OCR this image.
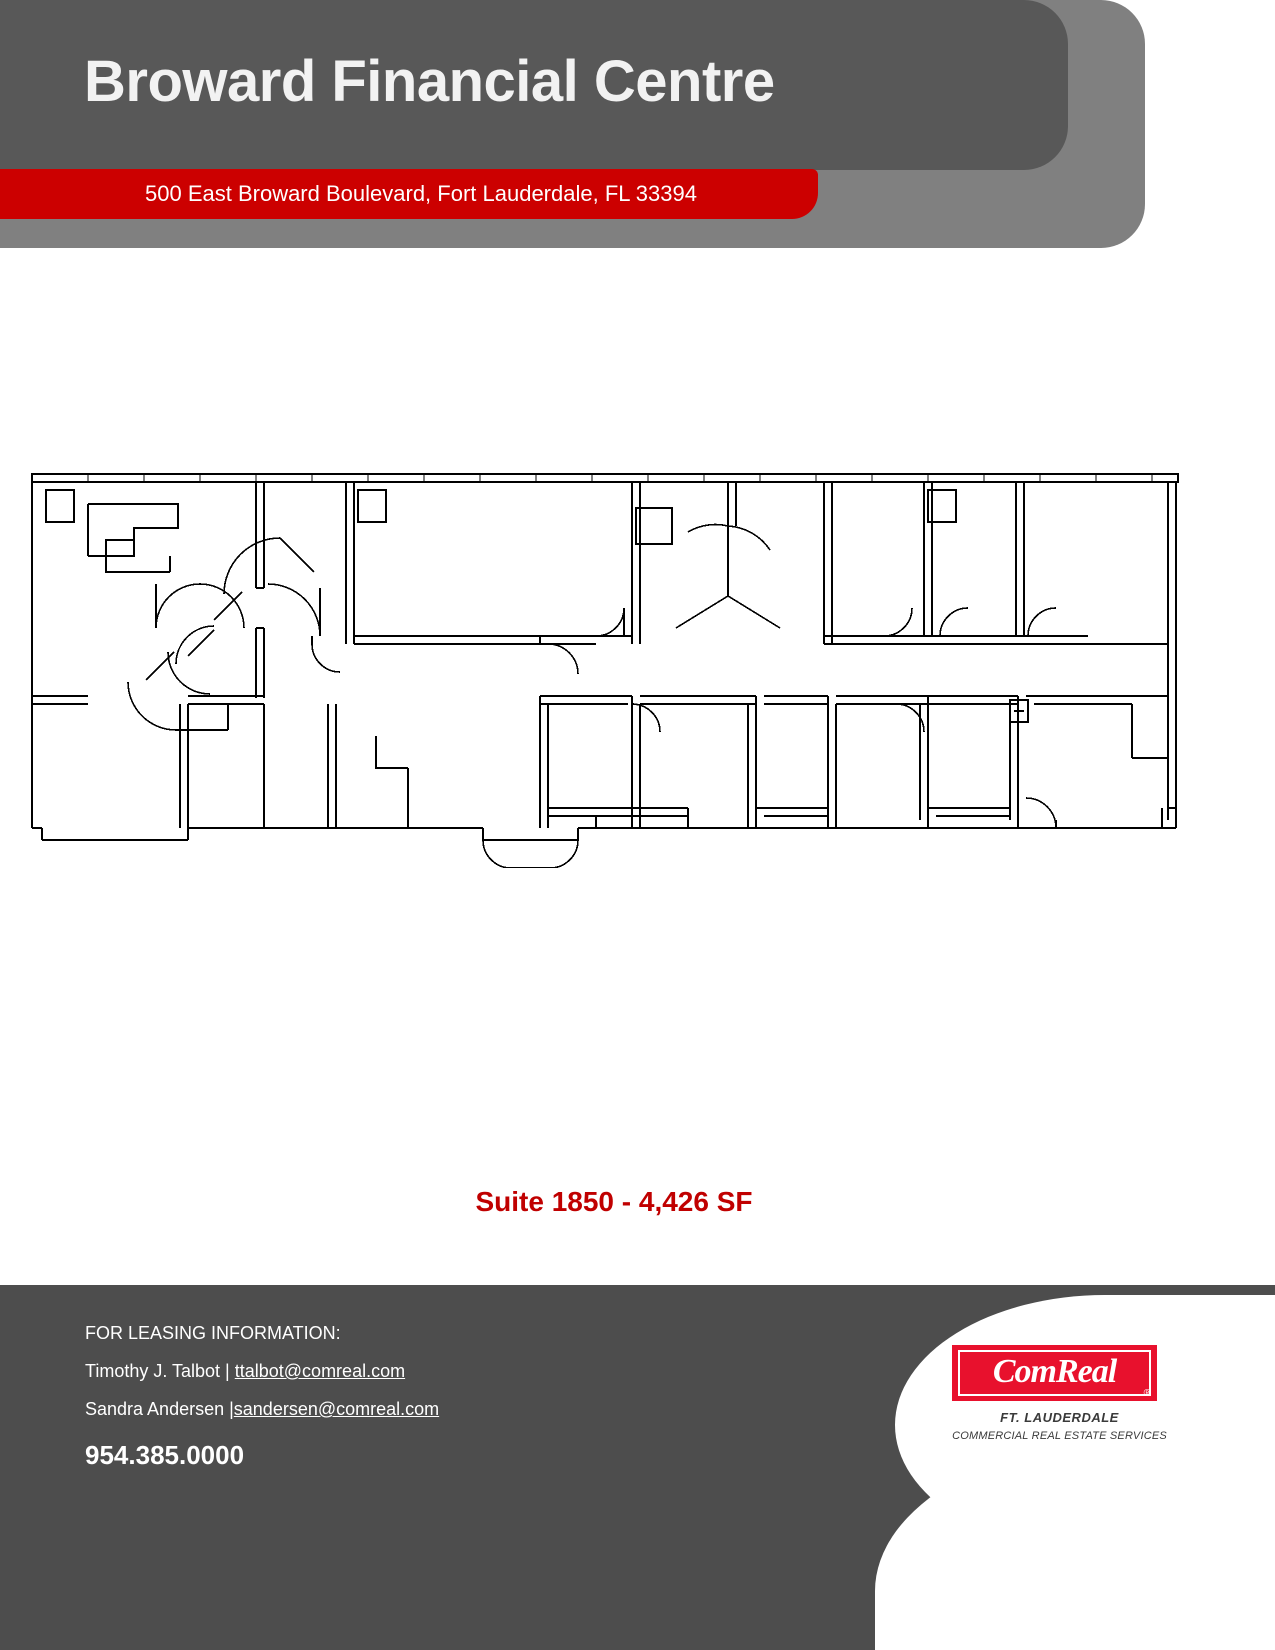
Broward Financial Centre
500 East Broward Boulevard, Fort Lauderdale, FL 33394
Suite 1850 - 4,426 SF
FOR LEASING INFORMATION:
Timothy J. Talbot | ttalbot@comreal.com
Sandra Andersen |sandersen@comreal.com
954.385.0000
ComReal
®
FT. LAUDERDALE
COMMERCIAL REAL ESTATE SERVICES
